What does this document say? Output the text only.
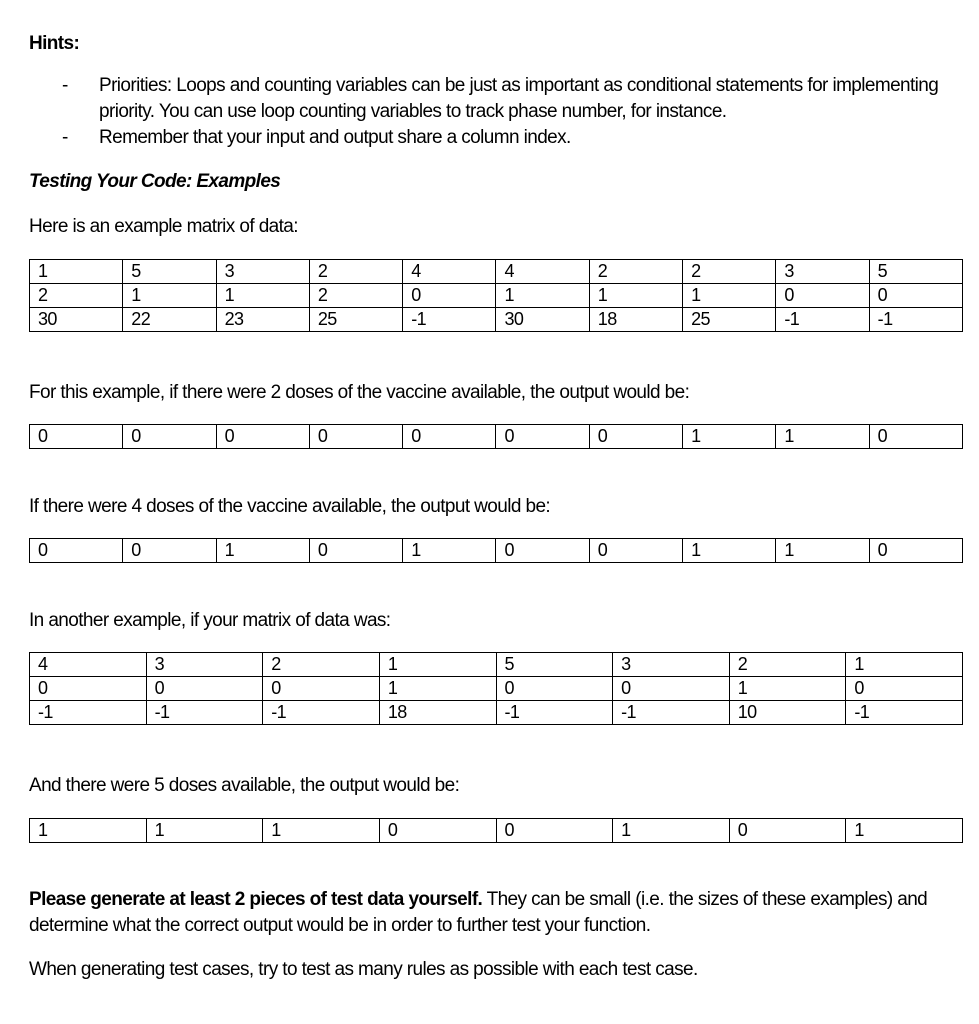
Hints:
- Priorities: Loops and counting variables can be just as important as conditional statements for implementing priority. You can use loop counting variables to track phase number, for instance.
- Remember that your input and output share a column index.
Testing Your Code: Examples

Here is an example matrix of data:

1	5	3	2	4	4	2	2	3	5
2	1	1	2	0	1	1	1	0	0
30	22	23	25	-1	30	18	25	-1	-1

For this example, if there were 2 doses of the vaccine available, the output would be:

0	0	0	0	0	0	0	1	1	0

If there were 4 doses of the vaccine available, the output would be:

0	0	1	0	1	0	0	1	1	0

In another example, if your matrix of data was:

4	3	2	1	5	3	2	1
0	0	0	1	0	0	1	0
-1	-1	-1	18	-1	-1	10	-1

And there were 5 doses available, the output would be:

1	1	1	0	0	1	0	1

Please generate at least 2 pieces of test data yourself. They can be small (i.e. the sizes of these examples) and determine what the correct output would be in order to further test your function.

When generating test cases, try to test as many rules as possible with each test case.
